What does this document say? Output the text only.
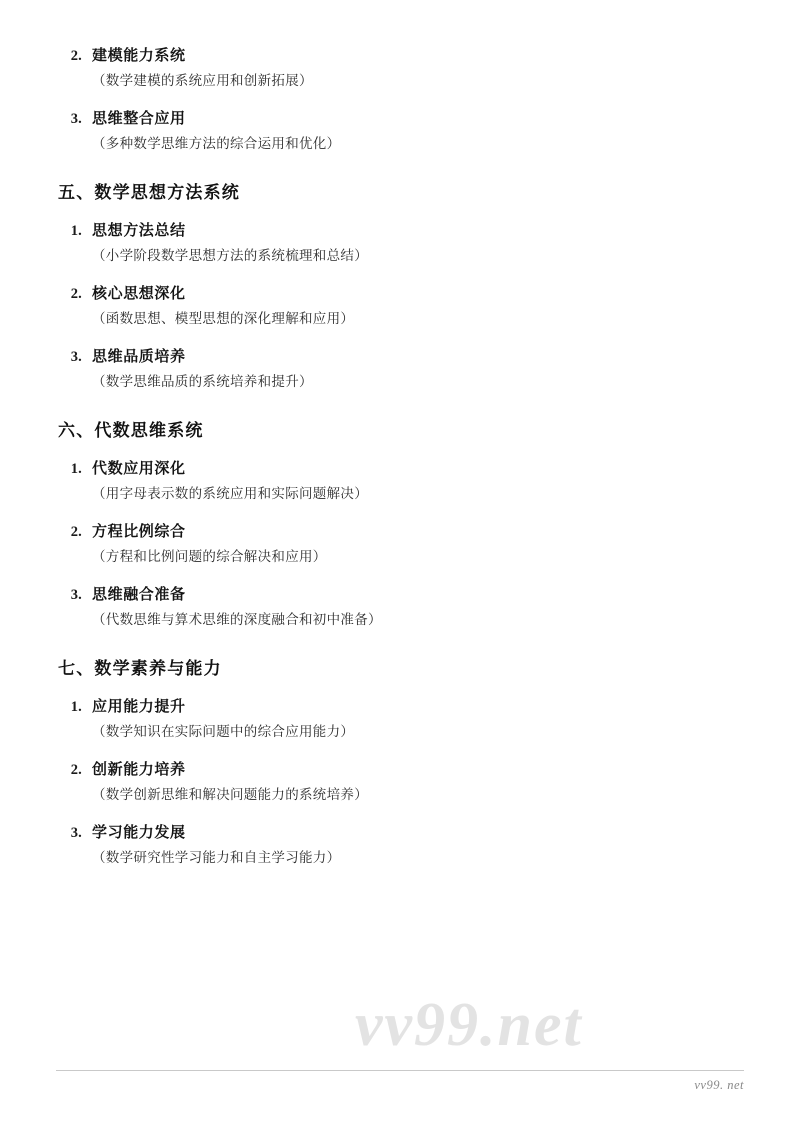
vv99.net
2. 建模能力系统
（数学建模的系统应用和创新拓展）
3. 思维整合应用
（多种数学思维方法的综合运用和优化）
五、数学思想方法系统
1. 思想方法总结
（小学阶段数学思想方法的系统梳理和总结）
2. 核心思想深化
（函数思想、模型思想的深化理解和应用）
3. 思维品质培养
（数学思维品质的系统培养和提升）
六、代数思维系统
1. 代数应用深化
（用字母表示数的系统应用和实际问题解决）
2. 方程比例综合
（方程和比例问题的综合解决和应用）
3. 思维融合准备
（代数思维与算术思维的深度融合和初中准备）
七、数学素养与能力
1. 应用能力提升
（数学知识在实际问题中的综合应用能力）
2. 创新能力培养
（数学创新思维和解决问题能力的系统培养）
3. 学习能力发展
（数学研究性学习能力和自主学习能力）
vv99. net
